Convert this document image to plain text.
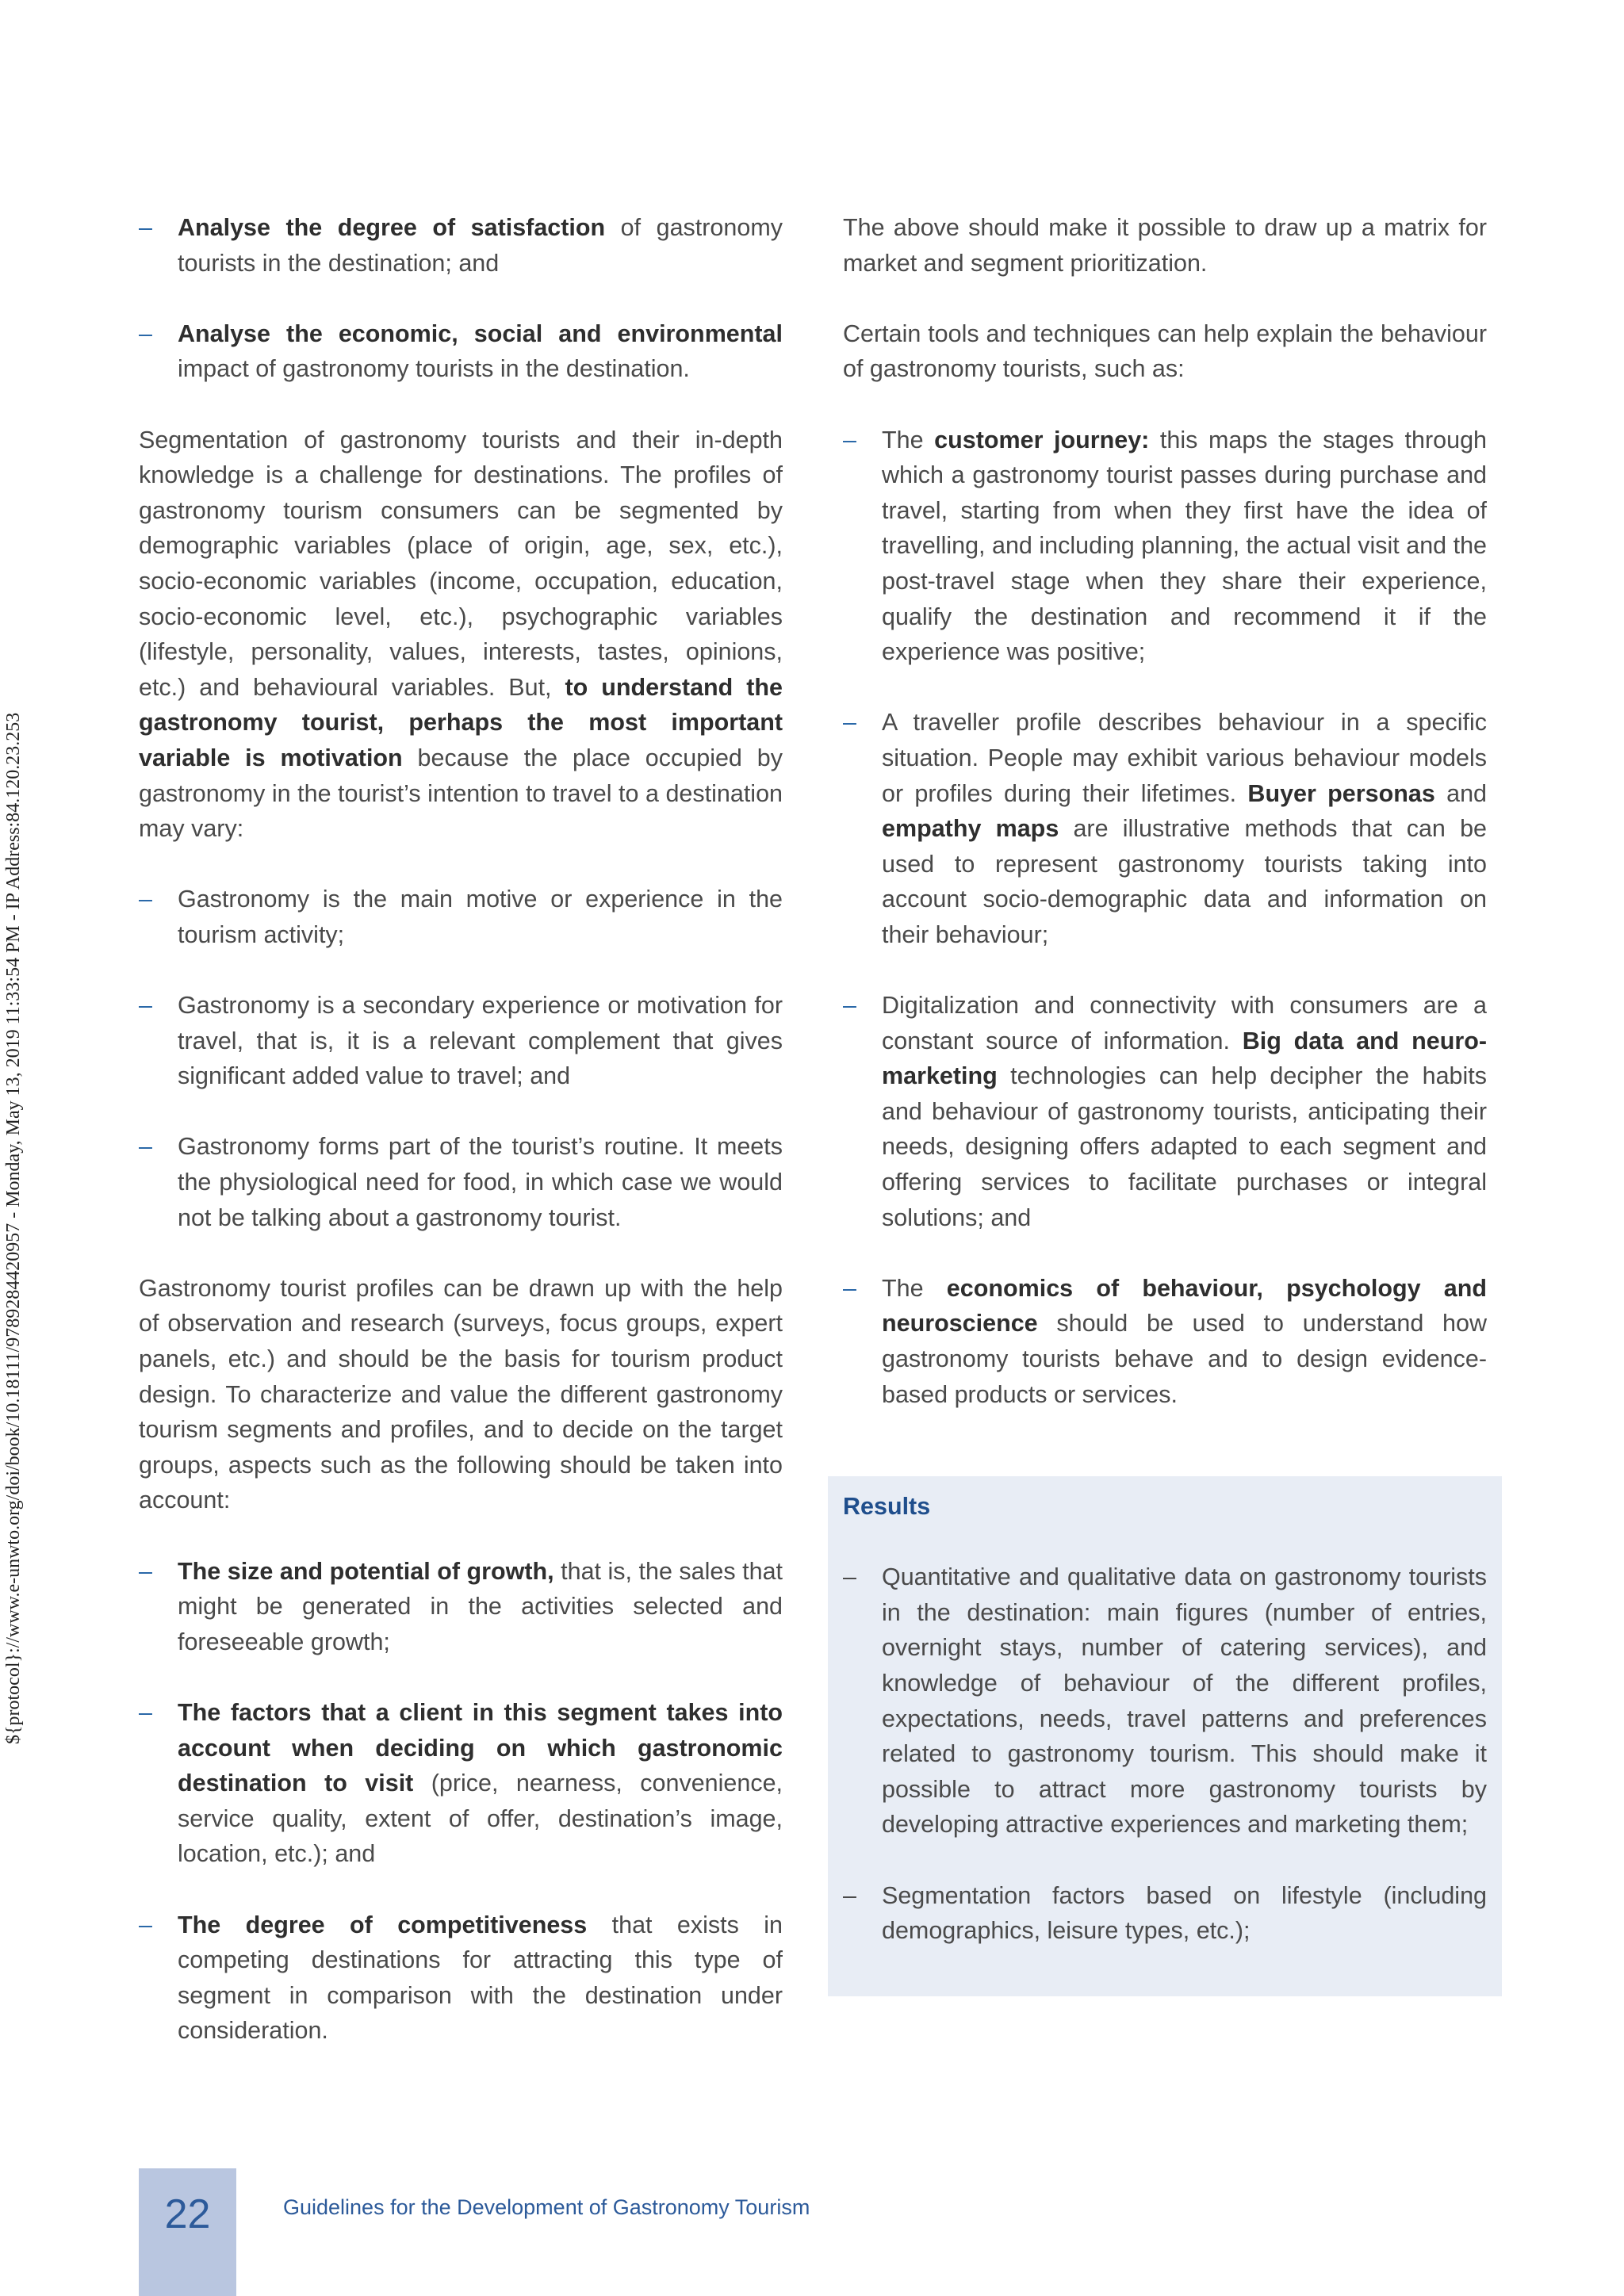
${protocol}://www.e-unwto.org/doi/book/10.18111/9789284420957 - Monday, May 13, 2019 11:33:54 PM - IP Address:84.120.23.253
–	Analyse the degree of satisfaction of gastronomy tourists in the destination; and
–	Analyse the economic, social and environmental impact of gastronomy tourists in the destination.

Segmentation of gastronomy tourists and their in-depth knowledge is a challenge for destinations. The profiles of gastronomy tourism consumers can be segmented by demographic variables (place of origin, age, sex, etc.), socio-economic variables (income, occupation, education, socio-economic level, etc.), psychographic variables (lifestyle, personality, values, interests, tastes, opinions, etc.) and behavioural variables. But, to understand the gastronomy tourist, perhaps the most important variable is motivation because the place occupied by gastronomy in the tourist’s intention to travel to a destination may vary:

–	Gastronomy is the main motive or experience in the tourism activity;
–	Gastronomy is a secondary experience or motivation for travel, that is, it is a relevant complement that gives significant added value to travel; and
–	Gastronomy forms part of the tourist’s routine. It meets the physiological need for food, in which case we would not be talking about a gastronomy tourist.

Gastronomy tourist profiles can be drawn up with the help of observation and research (surveys, focus groups, expert panels, etc.) and should be the basis for tourism product design. To characterize and value the different gastronomy tourism segments and profiles, and to decide on the target groups, aspects such as the following should be taken into account:

–	The size and potential of growth, that is, the sales that might be generated in the activities selected and foreseeable growth;
–	The factors that a client in this segment takes into account when deciding on which gastronomic destination to visit (price, nearness, convenience, service quality, extent of offer, destination’s image, location, etc.); and
–	The degree of competitiveness that exists in competing destinations for attracting this type of segment in comparison with the destination under consideration.

The above should make it possible to draw up a matrix for market and segment prioritization.

Certain tools and techniques can help explain the behaviour of gastronomy tourists, such as:

–	The customer journey: this maps the stages through which a gastronomy tourist passes during purchase and travel, starting from when they first have the idea of travelling, and including planning, the actual visit and the post-travel stage when they share their experience, qualify the destination and recommend it if the experience was positive;
–	A traveller profile describes behaviour in a specific situation. People may exhibit various behaviour models or profiles during their lifetimes. Buyer personas and empathy maps are illustrative methods that can be used to represent gastronomy tourists taking into account socio-demographic data and information on their behaviour;
–	Digitalization and connectivity with consumers are a constant source of information. Big data and neuro-marketing technologies can help decipher the habits and behaviour of gastronomy tourists, anticipating their needs, designing offers adapted to each segment and offering services to facilitate purchases or integral solutions; and
–	The economics of behaviour, psychology and neuroscience should be used to understand how gastronomy tourists behave and to design evidence-based products or services.
Results
–	Quantitative and qualitative data on gastronomy tourists in the destination: main figures (number of entries, overnight stays, number of catering services), and knowledge of behaviour of the different profiles, expectations, needs, travel patterns and preferences related to gastronomy tourism. This should make it possible to attract more gastronomy tourists by developing attractive experiences and marketing them;
–	Segmentation factors based on lifestyle (including demographics, leisure types, etc.);
22	Guidelines for the Development of Gastronomy Tourism
